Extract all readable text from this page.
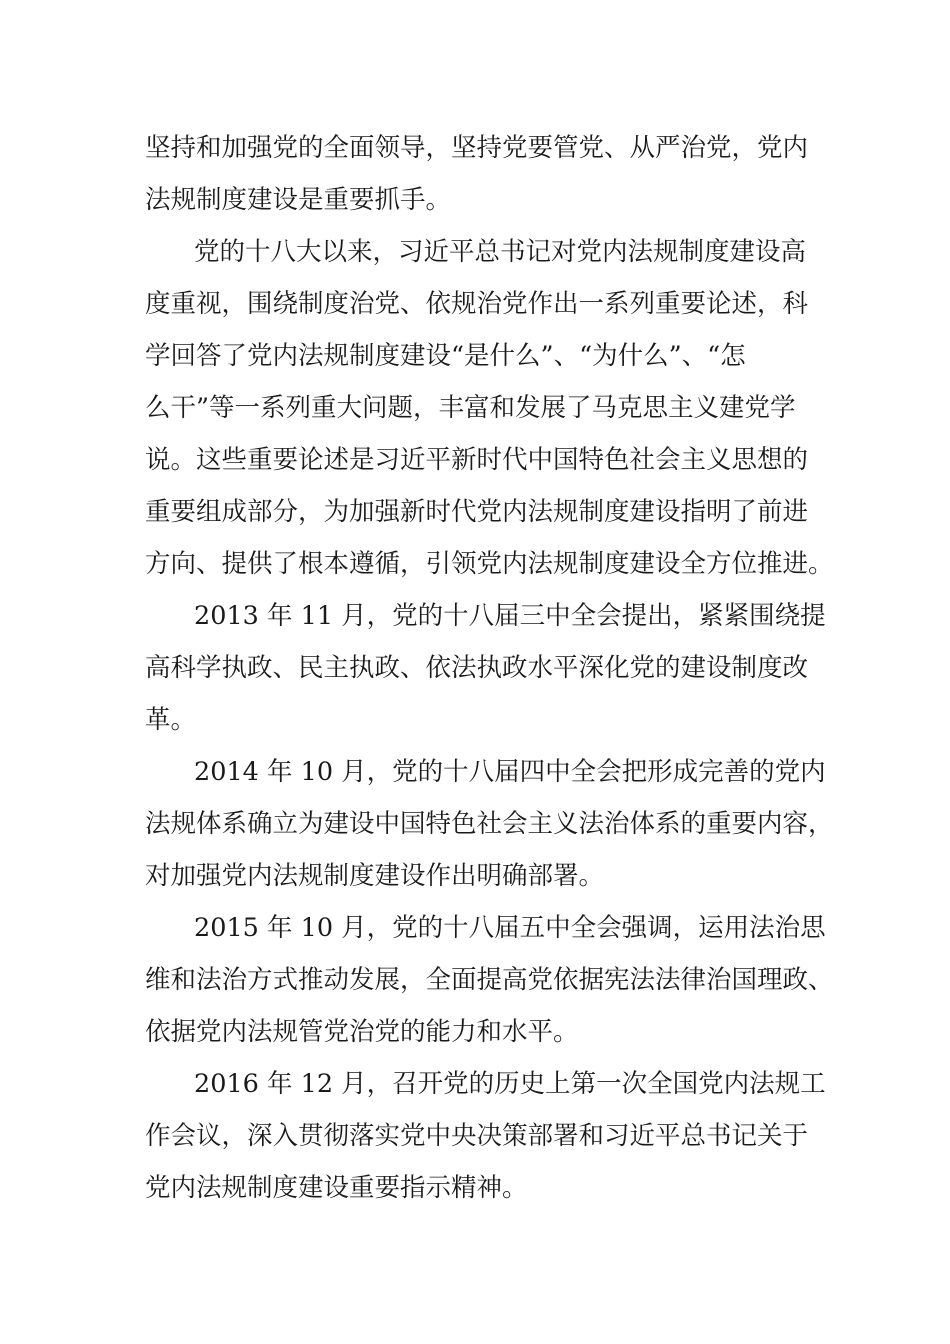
坚持和加强党的全面领导，坚持党要管党、从严治党，党内

法规制度建设是重要抓手。

党的十八大以来，习近平总书记对党内法规制度建设高

度重视，围绕制度治党、依规治党作出一系列重要论述，科

学回答了党内法规制度建设“是什么”、“为什么”、“怎

么干”等一系列重大问题，丰富和发展了马克思主义建党学

说。这些重要论述是习近平新时代中国特色社会主义思想的

重要组成部分，为加强新时代党内法规制度建设指明了前进

方向、提供了根本遵循，引领党内法规制度建设全方位推进。

2013 年 11 月，党的十八届三中全会提出，紧紧围绕提

高科学执政、民主执政、依法执政水平深化党的建设制度改

革。

2014 年 10 月，党的十八届四中全会把形成完善的党内

法规体系确立为建设中国特色社会主义法治体系的重要内容，

对加强党内法规制度建设作出明确部署。

2015 年 10 月，党的十八届五中全会强调，运用法治思

维和法治方式推动发展，全面提高党依据宪法法律治国理政、

依据党内法规管党治党的能力和水平。

2016 年 12 月，召开党的历史上第一次全国党内法规工

作会议，深入贯彻落实党中央决策部署和习近平总书记关于

党内法规制度建设重要指示精神。
